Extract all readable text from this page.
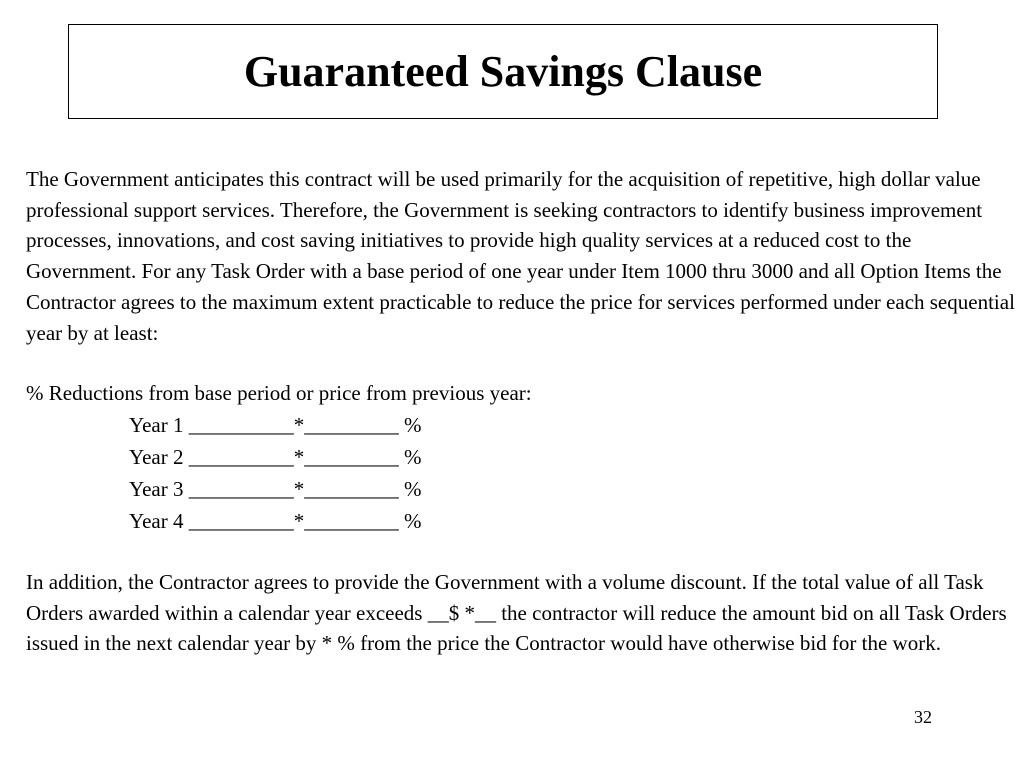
Guaranteed Savings Clause

The Government anticipates this contract will be used primarily for the acquisition of repetitive, high dollar value professional support services. Therefore, the Government is seeking contractors to identify business improvement processes, innovations, and cost saving initiatives to provide high quality services at a reduced cost to the Government. For any Task Order with a base period of one year under Item 1000 thru 3000 and all Option Items the Contractor agrees to the maximum extent practicable to reduce the price for services performed under each sequential year by at least:

% Reductions from base period or price from previous year:

Year 1 __________*_________ %

Year 2 __________*_________ %

Year 3 __________*_________ %

Year 4 __________*_________ %

In addition, the Contractor agrees to provide the Government with a volume discount. If the total value of all Task Orders awarded within a calendar year exceeds __$ *__ the contractor will reduce the amount bid on all Task Orders issued in the next calendar year by * % from the price the Contractor would have otherwise bid for the work.

32
